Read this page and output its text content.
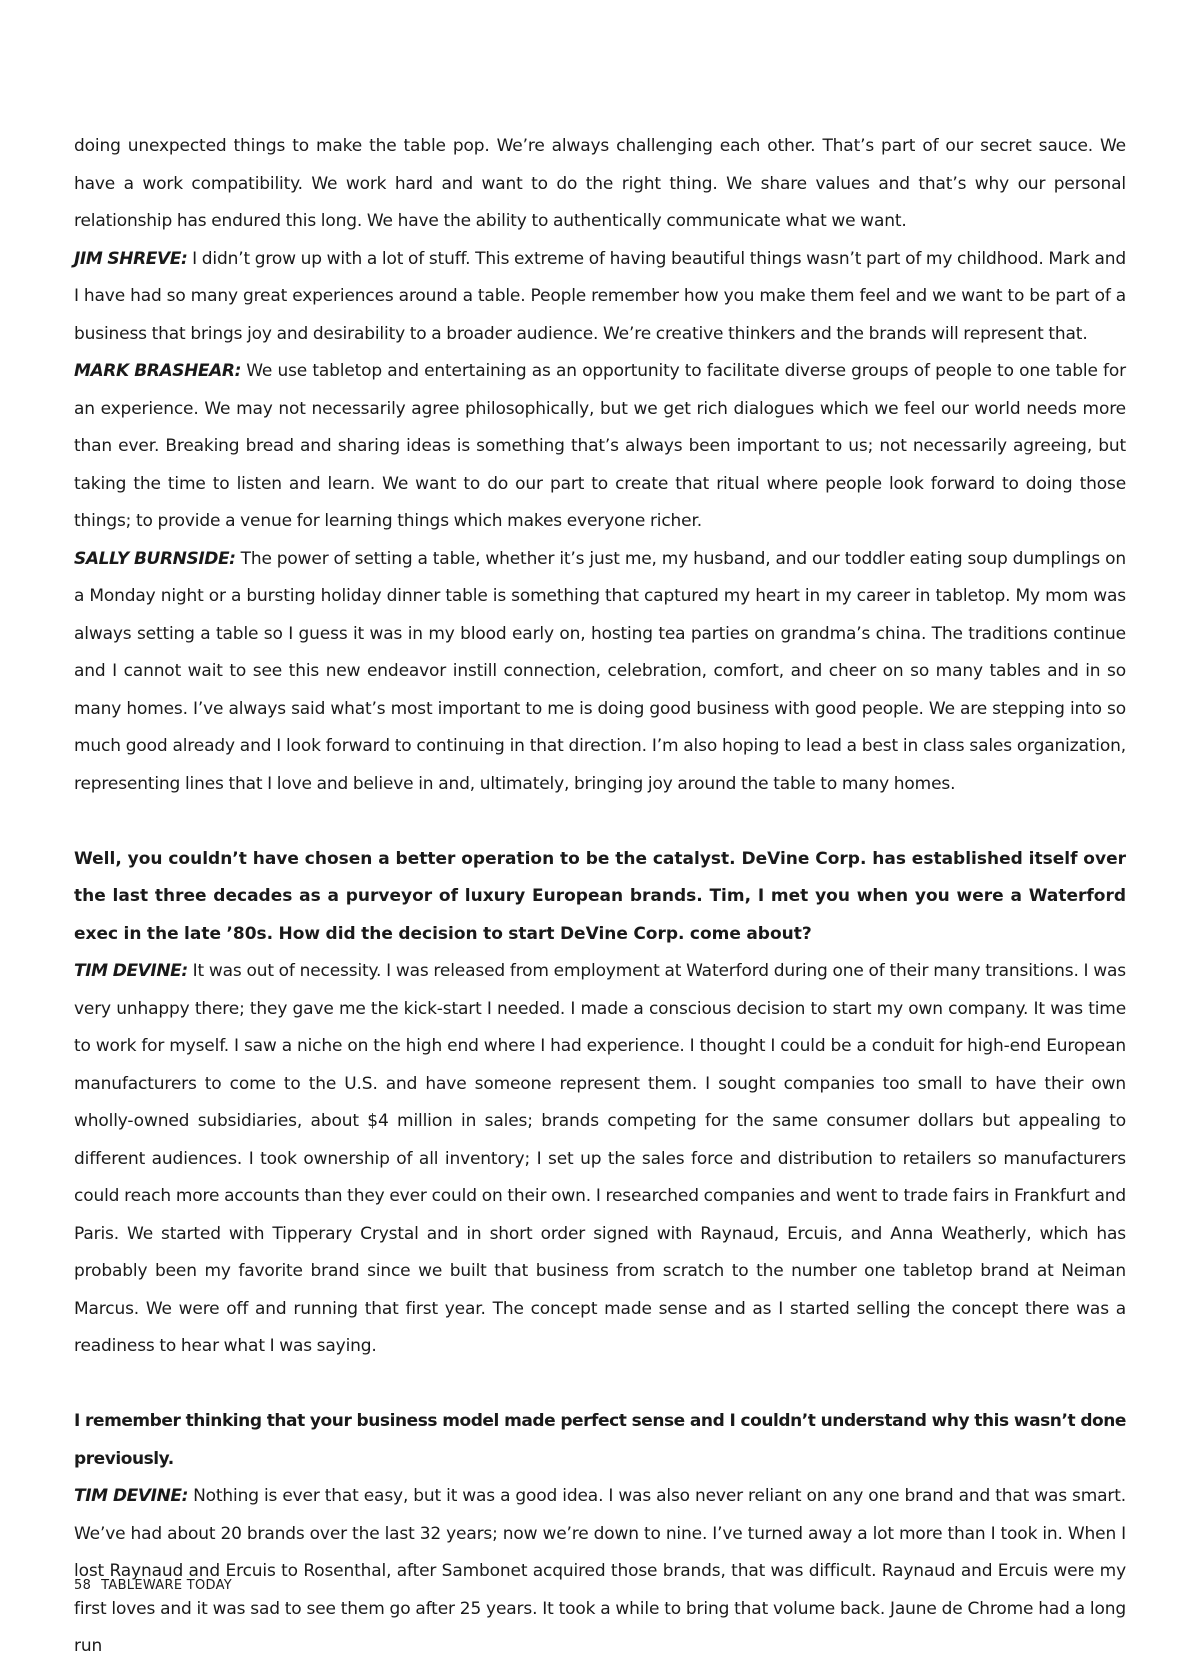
doing unexpected things to make the table pop. We’re always challenging each other. That’s part of our secret sauce. We have a work compatibility. We work hard and want to do the right thing. We share values and that’s why our personal relationship has endured this long. We have the ability to authentically communicate what we want.

JIM SHREVE: I didn’t grow up with a lot of stuff. This extreme of having beautiful things wasn’t part of my childhood. Mark and I have had so many great experiences around a table. People remember how you make them feel and we want to be part of a business that brings joy and desirability to a broader audience. We’re creative thinkers and the brands will represent that.

MARK BRASHEAR: We use tabletop and entertaining as an opportunity to facilitate diverse groups of people to one table for an experience. We may not necessarily agree philosophically, but we get rich dialogues which we feel our world needs more than ever. Breaking bread and sharing ideas is something that’s always been important to us; not necessarily agreeing, but taking the time to listen and learn. We want to do our part to create that ritual where people look forward to doing those things; to provide a venue for learning things which makes everyone richer.

SALLY BURNSIDE: The power of setting a table, whether it’s just me, my husband, and our toddler eating soup dumplings on a Monday night or a bursting holiday dinner table is something that captured my heart in my career in tabletop. My mom was always setting a table so I guess it was in my blood early on, hosting tea parties on grandma’s china. The traditions continue and I cannot wait to see this new endeavor instill connection, celebration, comfort, and cheer on so many tables and in so many homes. I’ve always said what’s most important to me is doing good business with good people. We are stepping into so much good already and I look forward to continuing in that direction. I’m also hoping to lead a best in class sales organization, representing lines that I love and believe in and, ultimately, bringing joy around the table to many homes.

Well, you couldn’t have chosen a better operation to be the catalyst. DeVine Corp. has established itself over the last three decades as a purveyor of luxury European brands. Tim, I met you when you were a Waterford exec in the late ’80s. How did the decision to start DeVine Corp. come about?

TIM DEVINE: It was out of necessity. I was released from employment at Waterford during one of their many transitions. I was very unhappy there; they gave me the kick-start I needed. I made a conscious decision to start my own company. It was time to work for myself. I saw a niche on the high end where I had experience. I thought I could be a conduit for high-end European manufacturers to come to the U.S. and have someone represent them. I sought companies too small to have their own wholly-owned subsidiaries, about $4 million in sales; brands competing for the same consumer dollars but appealing to different audiences. I took ownership of all inventory; I set up the sales force and distribution to retailers so manufacturers could reach more accounts than they ever could on their own. I researched companies and went to trade fairs in Frankfurt and Paris. We started with Tipperary Crystal and in short order signed with Raynaud, Ercuis, and Anna Weatherly, which has probably been my favorite brand since we built that business from scratch to the number one tabletop brand at Neiman Marcus. We were off and running that first year. The concept made sense and as I started selling the concept there was a readiness to hear what I was saying.

I remember thinking that your business model made perfect sense and I couldn’t understand why this wasn’t done previously.

TIM DEVINE: Nothing is ever that easy, but it was a good idea. I was also never reliant on any one brand and that was smart. We’ve had about 20 brands over the last 32 years; now we’re down to nine. I’ve turned away a lot more than I took in. When I lost Raynaud and Ercuis to Rosenthal, after Sambonet acquired those brands, that was difficult. Raynaud and Ercuis were my first loves and it was sad to see them go after 25 years. It took a while to bring that volume back. Jaune de Chrome had a long run

58 TABLEWARE TODAY
